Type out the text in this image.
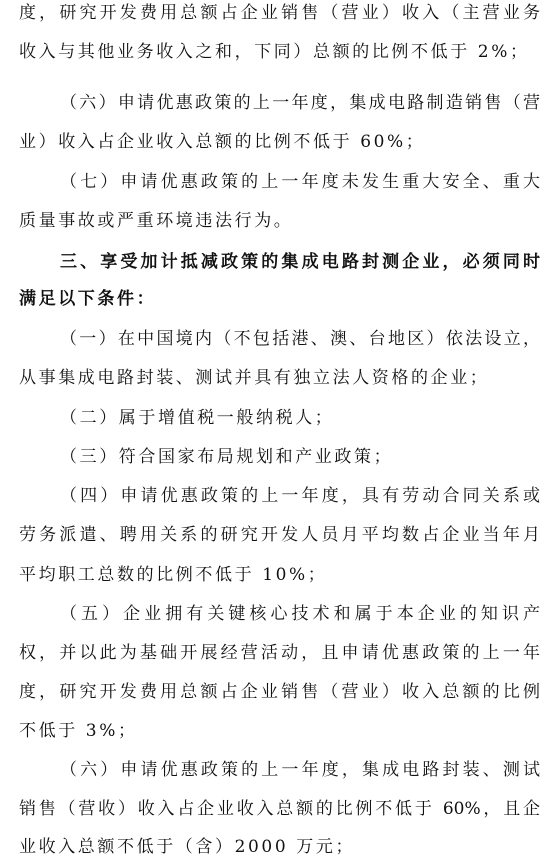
度，研究开发费用总额占企业销售（营业）收入（主营业务
收入与其他业务收入之和，下同）总额的比例不低于 2%；
（六）申请优惠政策的上一年度，集成电路制造销售（营
业）收入占企业收入总额的比例不低于 60%；
（七）申请优惠政策的上一年度未发生重大安全、重大
质量事故或严重环境违法行为。
三、享受加计抵减政策的集成电路封测企业，必须同时
满足以下条件：
（一）在中国境内（不包括港、澳、台地区）依法设立，
从事集成电路封装、测试并具有独立法人资格的企业；
（二）属于增值税一般纳税人；
（三）符合国家布局规划和产业政策；
（四）申请优惠政策的上一年度，具有劳动合同关系或
劳务派遣、聘用关系的研究开发人员月平均数占企业当年月
平均职工总数的比例不低于 10%；
（五）企业拥有关键核心技术和属于本企业的知识产
权，并以此为基础开展经营活动，且申请优惠政策的上一年
度，研究开发费用总额占企业销售（营业）收入总额的比例
不低于 3%；
（六）申请优惠政策的上一年度，集成电路封装、测试
销售（营收）收入占企业收入总额的比例不低于 60%，且企
业收入总额不低于（含）2000 万元；
